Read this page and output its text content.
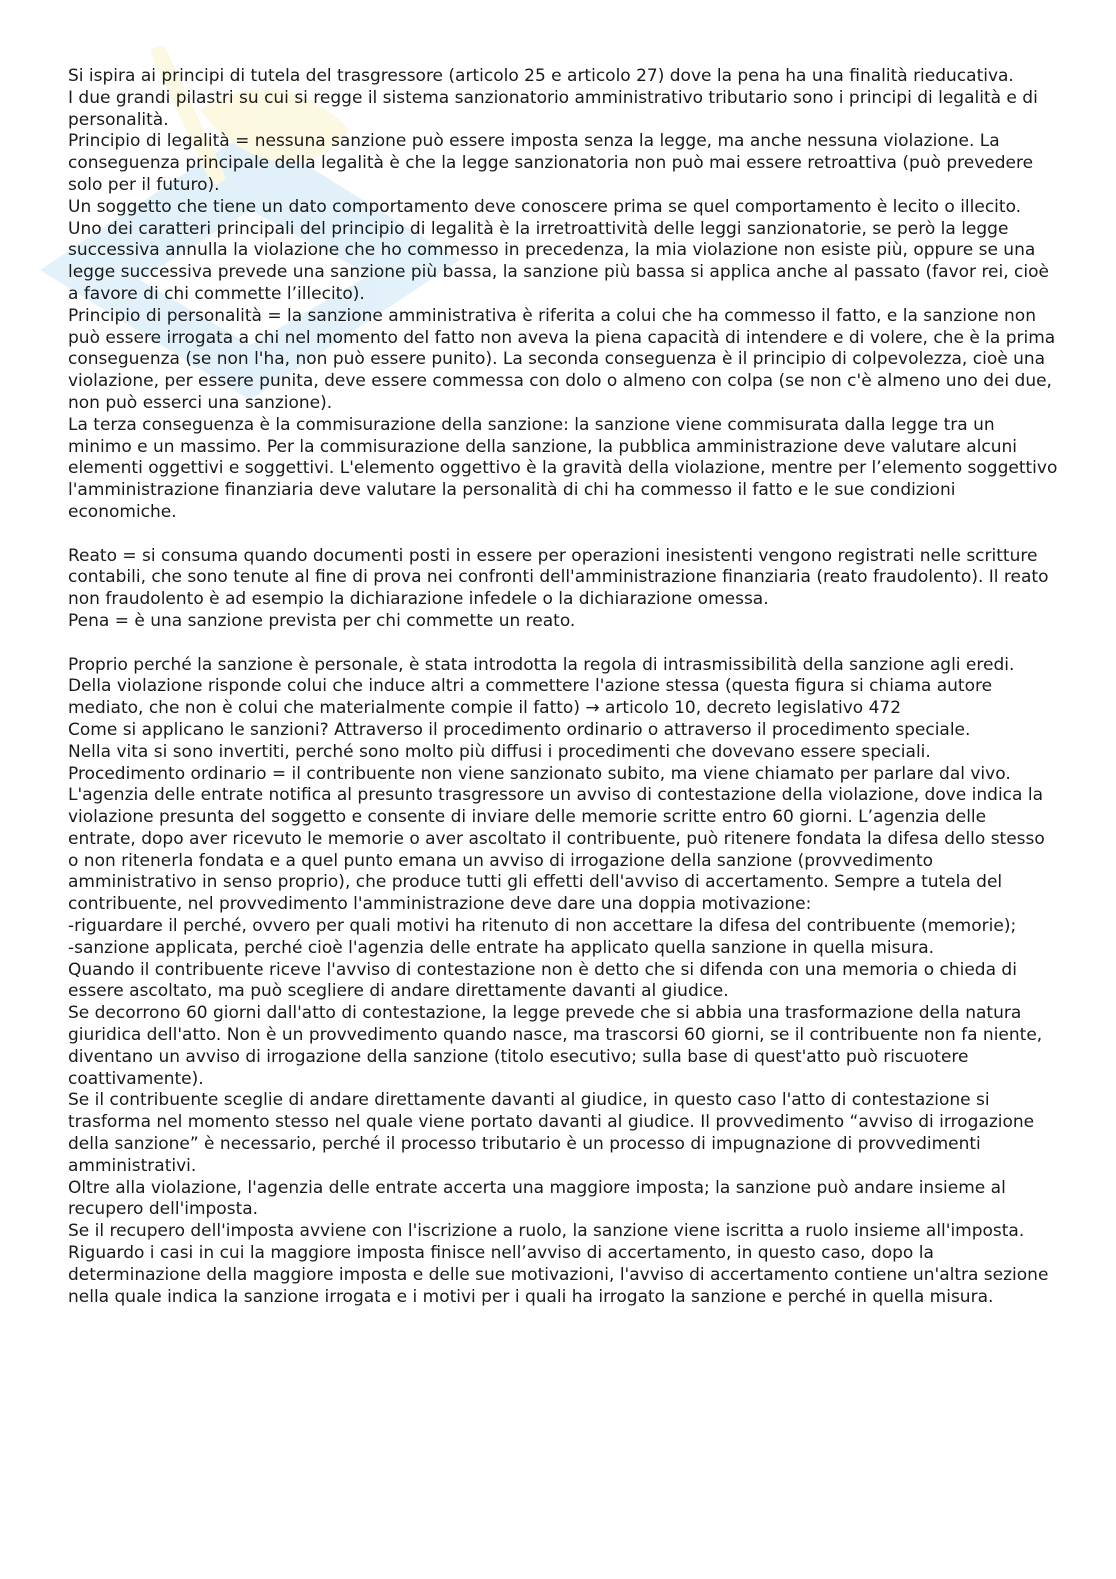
Si ispira ai principi di tutela del trasgressore (articolo 25 e articolo 27) dove la pena ha una finalità rieducativa.

I due grandi pilastri su cui si regge il sistema sanzionatorio amministrativo tributario sono i principi di legalità e di personalità.

Principio di legalità = nessuna sanzione può essere imposta senza la legge, ma anche nessuna violazione. La conseguenza principale della legalità è che la legge sanzionatoria non può mai essere retroattiva (può prevedere solo per il futuro).

Un soggetto che tiene un dato comportamento deve conoscere prima se quel comportamento è lecito o illecito. Uno dei caratteri principali del principio di legalità è la irretroattività delle leggi sanzionatorie, se però la legge successiva annulla la violazione che ho commesso in precedenza, la mia violazione non esiste più, oppure se una legge successiva prevede una sanzione più bassa, la sanzione più bassa si applica anche al passato (favor rei, cioè a favore di chi commette l’illecito).

Principio di personalità = la sanzione amministrativa è riferita a colui che ha commesso il fatto, e la sanzione non può essere irrogata a chi nel momento del fatto non aveva la piena capacità di intendere e di volere, che è la prima conseguenza (se non l'ha, non può essere punito). La seconda conseguenza è il principio di colpevolezza, cioè una violazione, per essere punita, deve essere commessa con dolo o almeno con colpa (se non c'è almeno uno dei due, non può esserci una sanzione).

La terza conseguenza è la commisurazione della sanzione: la sanzione viene commisurata dalla legge tra un minimo e un massimo. Per la commisurazione della sanzione, la pubblica amministrazione deve valutare alcuni elementi oggettivi e soggettivi. L'elemento oggettivo è la gravità della violazione, mentre per l’elemento soggettivo l'amministrazione finanziaria deve valutare la personalità di chi ha commesso il fatto e le sue condizioni economiche.

Reato = si consuma quando documenti posti in essere per operazioni inesistenti vengono registrati nelle scritture contabili, che sono tenute al fine di prova nei confronti dell'amministrazione finanziaria (reato fraudolento). Il reato non fraudolento è ad esempio la dichiarazione infedele o la dichiarazione omessa.

Pena = è una sanzione prevista per chi commette un reato.

Proprio perché la sanzione è personale, è stata introdotta la regola di intrasmissibilità della sanzione agli eredi.

Della violazione risponde colui che induce altri a commettere l'azione stessa (questa figura si chiama autore mediato, che non è colui che materialmente compie il fatto) → articolo 10, decreto legislativo 472

Come si applicano le sanzioni? Attraverso il procedimento ordinario o attraverso il procedimento speciale.

Nella vita si sono invertiti, perché sono molto più diffusi i procedimenti che dovevano essere speciali.

Procedimento ordinario = il contribuente non viene sanzionato subito, ma viene chiamato per parlare dal vivo. L'agenzia delle entrate notifica al presunto trasgressore un avviso di contestazione della violazione, dove indica la violazione presunta del soggetto e consente di inviare delle memorie scritte entro 60 giorni. L’agenzia delle entrate, dopo aver ricevuto le memorie o aver ascoltato il contribuente, può ritenere fondata la difesa dello stesso o non ritenerla fondata e a quel punto emana un avviso di irrogazione della sanzione (provvedimento amministrativo in senso proprio), che produce tutti gli effetti dell'avviso di accertamento. Sempre a tutela del contribuente, nel provvedimento l'amministrazione deve dare una doppia motivazione:

-riguardare il perché, ovvero per quali motivi ha ritenuto di non accettare la difesa del contribuente (memorie);

-sanzione applicata, perché cioè l'agenzia delle entrate ha applicato quella sanzione in quella misura.

Quando il contribuente riceve l'avviso di contestazione non è detto che si difenda con una memoria o chieda di essere ascoltato, ma può scegliere di andare direttamente davanti al giudice.

Se decorrono 60 giorni dall'atto di contestazione, la legge prevede che si abbia una trasformazione della natura giuridica dell'atto. Non è un provvedimento quando nasce, ma trascorsi 60 giorni, se il contribuente non fa niente, diventano un avviso di irrogazione della sanzione (titolo esecutivo; sulla base di quest'atto può riscuotere coattivamente).

Se il contribuente sceglie di andare direttamente davanti al giudice, in questo caso l'atto di contestazione si trasforma nel momento stesso nel quale viene portato davanti al giudice. Il provvedimento “avviso di irrogazione della sanzione” è necessario, perché il processo tributario è un processo di impugnazione di provvedimenti amministrativi.

Oltre alla violazione, l'agenzia delle entrate accerta una maggiore imposta; la sanzione può andare insieme al recupero dell'imposta.

Se il recupero dell'imposta avviene con l'iscrizione a ruolo, la sanzione viene iscritta a ruolo insieme all'imposta.

Riguardo i casi in cui la maggiore imposta finisce nell’avviso di accertamento, in questo caso, dopo la determinazione della maggiore imposta e delle sue motivazioni, l'avviso di accertamento contiene un'altra sezione nella quale indica la sanzione irrogata e i motivi per i quali ha irrogato la sanzione e perché in quella misura.
